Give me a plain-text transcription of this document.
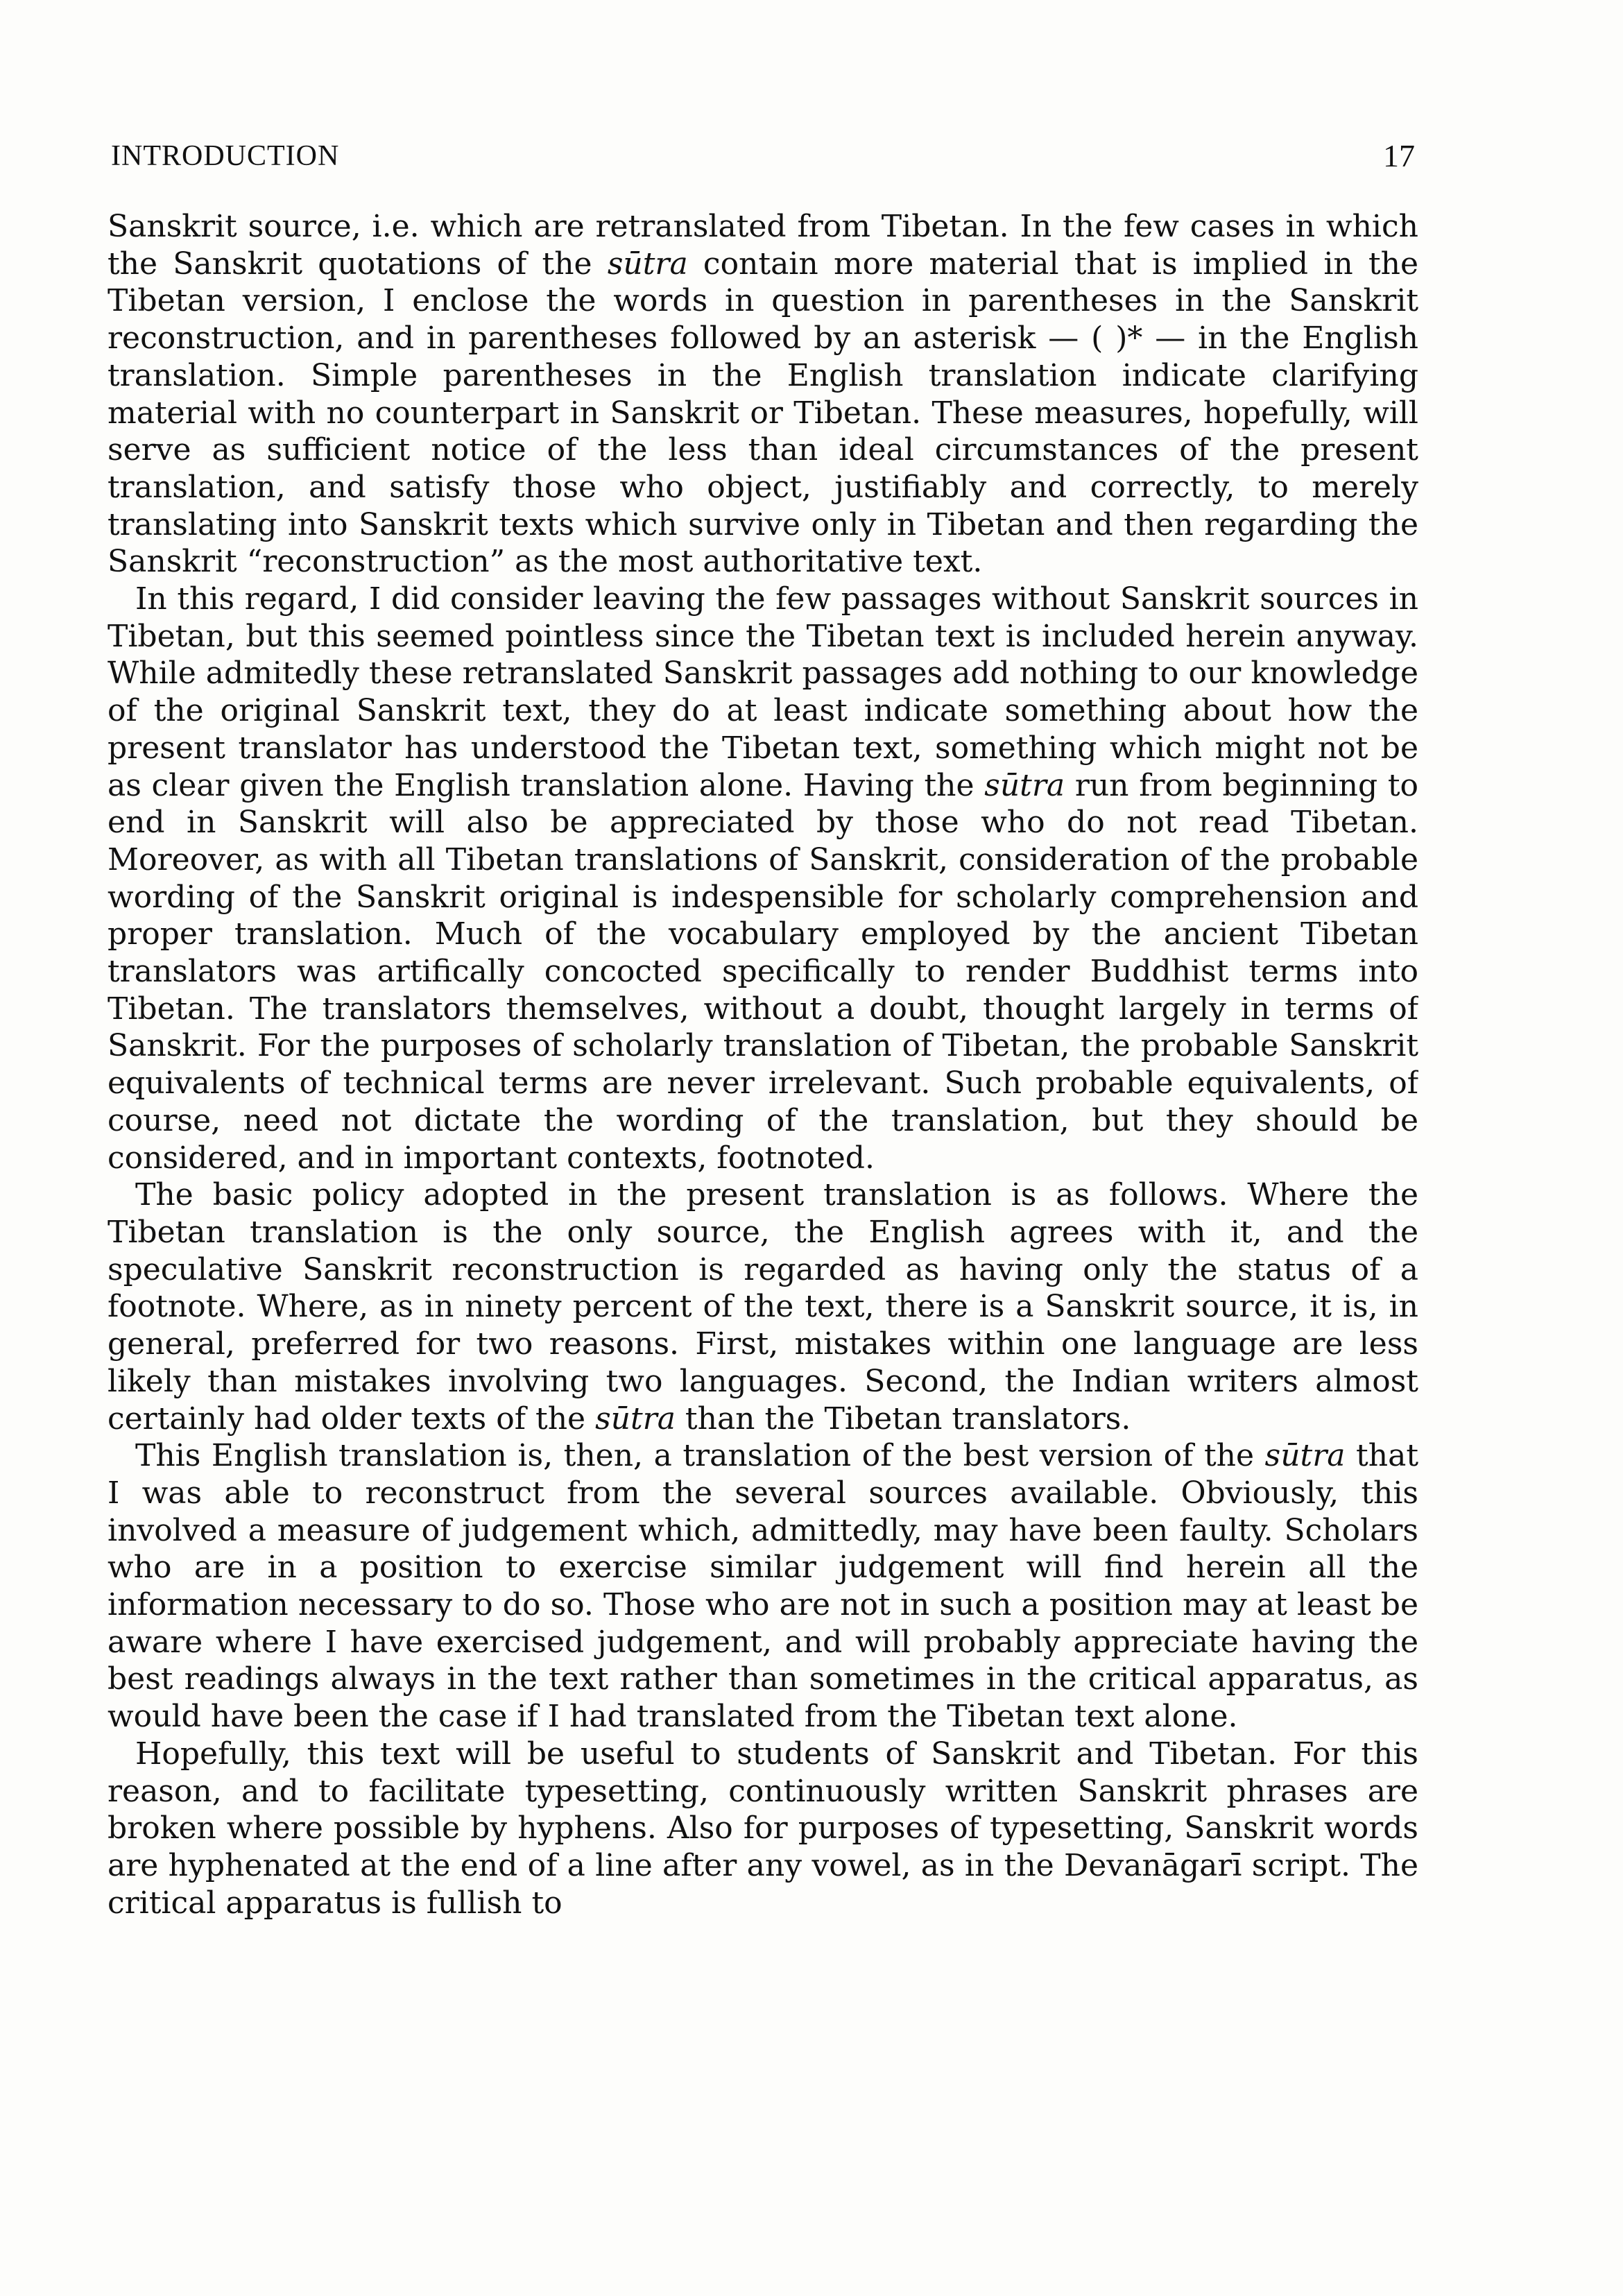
INTRODUCTION	17

Sanskrit source, i.e. which are retranslated from Tibetan. In the few cases in which the Sanskrit quotations of the sūtra contain more material that is implied in the Tibetan version, I enclose the words in question in parentheses in the Sanskrit reconstruction, and in parentheses followed by an asterisk — ( )* — in the English translation. Simple parentheses in the English translation indicate clarifying material with no counterpart in Sanskrit or Tibetan. These measures, hopefully, will serve as sufficient notice of the less than ideal circumstances of the present translation, and satisfy those who object, justifiably and correctly, to merely translating into Sanskrit texts which survive only in Tibetan and then regarding the Sanskrit “reconstruction” as the most authoritative text.

In this regard, I did consider leaving the few passages without Sanskrit sources in Tibetan, but this seemed pointless since the Tibetan text is included herein anyway. While admitedly these retranslated Sanskrit passages add nothing to our knowledge of the original Sanskrit text, they do at least indicate something about how the present translator has understood the Tibetan text, something which might not be as clear given the English translation alone. Having the sūtra run from beginning to end in Sanskrit will also be appreciated by those who do not read Tibetan. Moreover, as with all Tibetan translations of Sanskrit, consideration of the probable wording of the Sanskrit original is indespensible for scholarly comprehension and proper translation. Much of the vocabulary employed by the ancient Tibetan translators was artifically concocted specifically to render Buddhist terms into Tibetan. The translators themselves, without a doubt, thought largely in terms of Sanskrit. For the purposes of scholarly translation of Tibetan, the probable Sanskrit equivalents of technical terms are never irrelevant. Such probable equivalents, of course, need not dictate the wording of the translation, but they should be considered, and in important contexts, footnoted.

The basic policy adopted in the present translation is as follows. Where the Tibetan translation is the only source, the English agrees with it, and the speculative Sanskrit reconstruction is regarded as having only the status of a footnote. Where, as in ninety percent of the text, there is a Sanskrit source, it is, in general, preferred for two reasons. First, mistakes within one language are less likely than mistakes involving two languages. Second, the Indian writers almost certainly had older texts of the sūtra than the Tibetan translators.

This English translation is, then, a translation of the best version of the sūtra that I was able to reconstruct from the several sources available. Obviously, this involved a measure of judgement which, admittedly, may have been faulty. Scholars who are in a position to exercise similar judgement will find herein all the information necessary to do so. Those who are not in such a position may at least be aware where I have exercised judgement, and will probably appreciate having the best readings always in the text rather than sometimes in the critical apparatus, as would have been the case if I had translated from the Tibetan text alone.

Hopefully, this text will be useful to students of Sanskrit and Tibetan. For this reason, and to facilitate typesetting, continuously written Sanskrit phrases are broken where possible by hyphens. Also for purposes of typesetting, Sanskrit words are hyphenated at the end of a line after any vowel, as in the Devanāgarī script. The critical apparatus is fullish to
